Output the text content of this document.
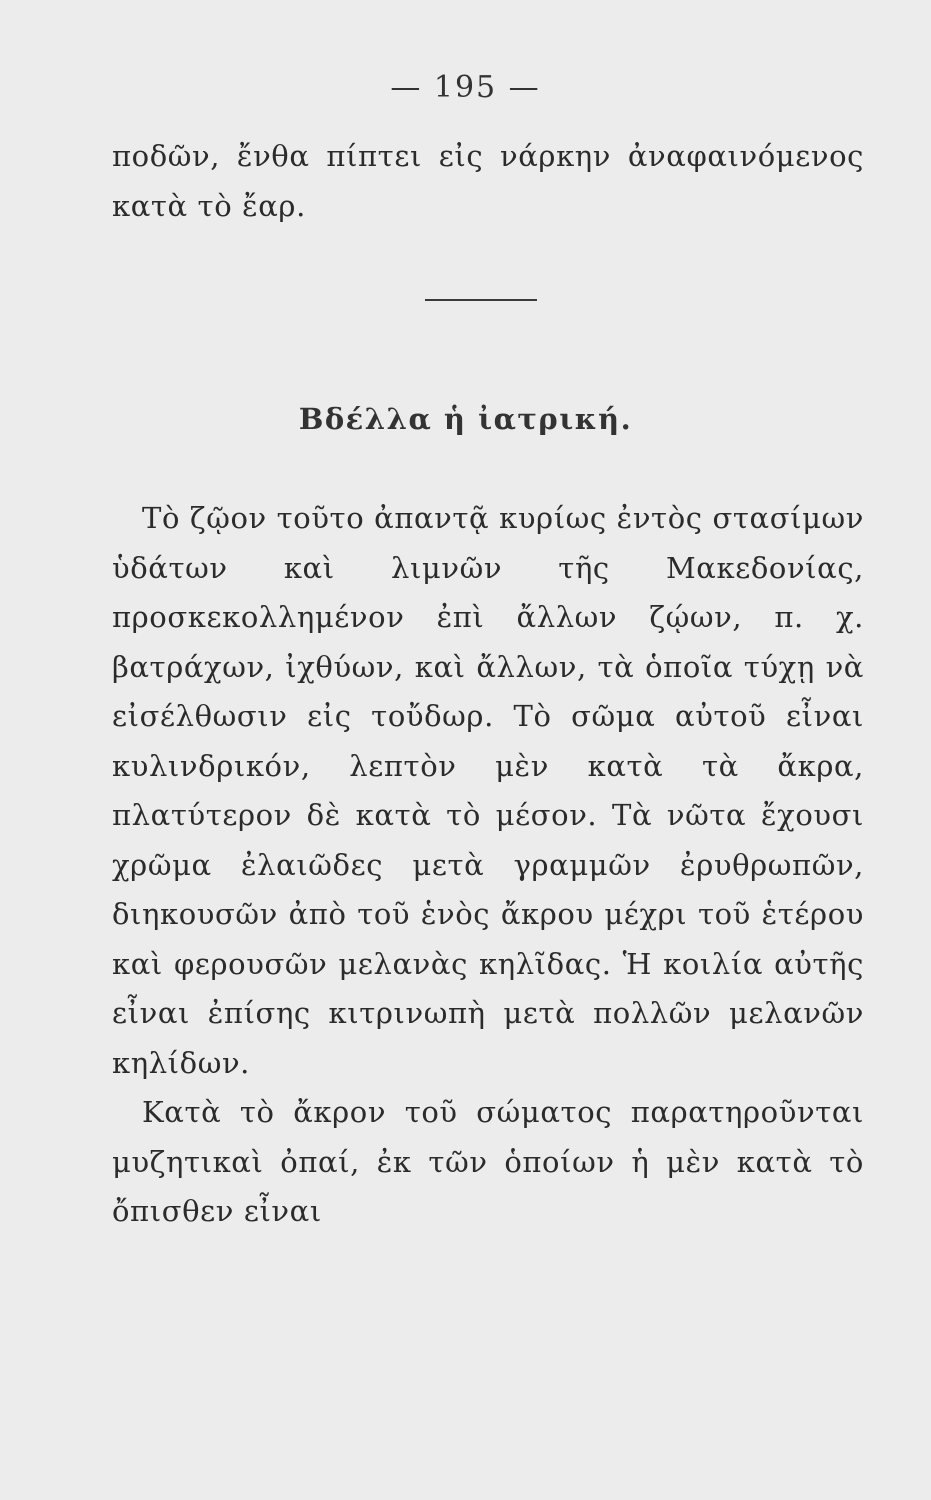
— 195 —

ποδῶν, ἔνθα πίπτει εἰς νάρκην ἀναφαινόμενος κατὰ τὸ ἔαρ.

Βδέλλα ἡ ἰατρική.

Τὸ ζῷον τοῦτο ἀπαντᾷ κυρίως ἐντὸς στασίμων ὑδάτων καὶ λιμνῶν τῆς Μακεδονίας, προσκεκολλημένον ἐπὶ ἄλλων ζῴων, π. χ. βατράχων, ἰχθύων, καὶ ἄλλων, τὰ ὁποῖα τύχῃ νὰ εἰσέλθωσιν εἰς τοὔδωρ. Τὸ σῶμα αὐτοῦ εἶναι κυλινδρικόν, λεπτὸν μὲν κατὰ τὰ ἄκρα, πλατύτερον δὲ κατὰ τὸ μέσον. Τὰ νῶτα ἔχουσι χρῶμα ἐλαιῶδες μετὰ γραμμῶν ἐρυθρωπῶν, διηκουσῶν ἀπὸ τοῦ ἑνὸς ἄκρου μέχρι τοῦ ἑτέρου καὶ φερουσῶν μελανὰς κηλῖδας. Ἡ κοιλία αὐτῆς εἶναι ἐπίσης κιτρινωπὴ μετὰ πολλῶν μελανῶν κηλίδων.

Κατὰ τὸ ἄκρον τοῦ σώματος παρατηροῦνται μυζητικαὶ ὀπαί, ἐκ τῶν ὁποίων ἡ μὲν κατὰ τὸ ὄπισθεν εἶναι
